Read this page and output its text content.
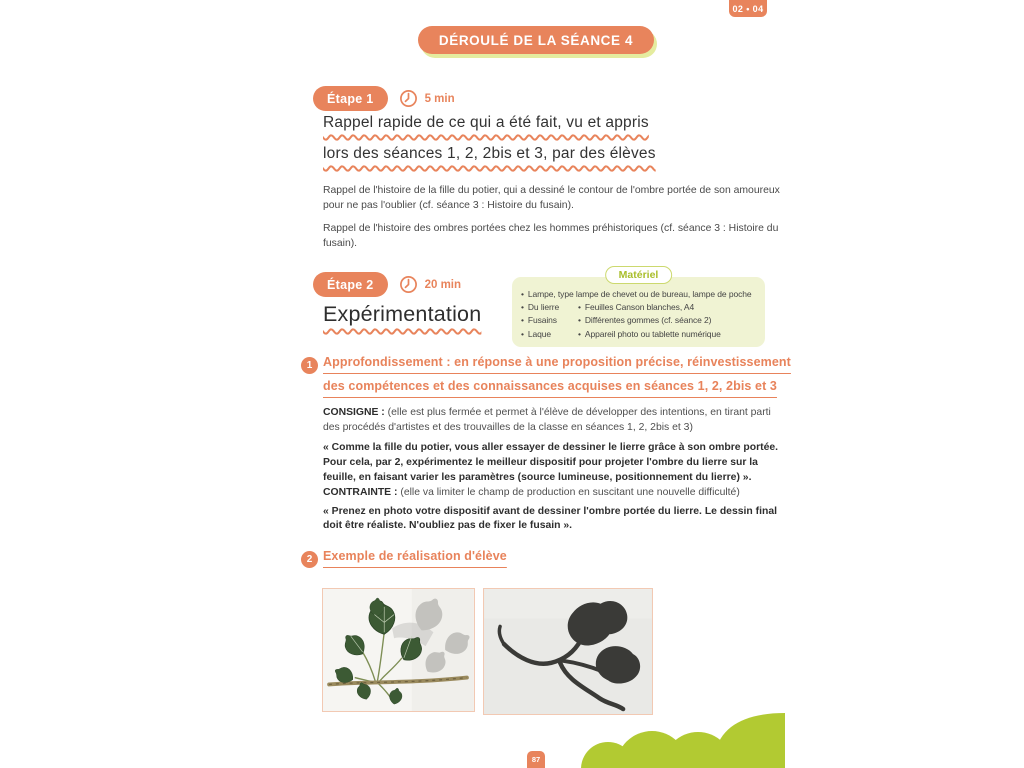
02 • 04
DÉROULÉ DE LA SÉANCE 4
Étape 1	5 min
Rappel rapide de ce qui a été fait, vu et appris
lors des séances 1, 2, 2bis et 3, par des élèves

Rappel de l'histoire de la fille du potier, qui a dessiné le contour de l'ombre portée de son amoureux pour ne pas l'oublier (cf. séance 3 : Histoire du fusain).

Rappel de l'histoire des ombres portées chez les hommes préhistoriques (cf. séance 3 : Histoire du fusain).

Étape 2	20 min
Expérimentation
Matériel
• Lampe, type lampe de chevet ou de bureau, lampe de poche
• Du lierre	• Feuilles Canson blanches, A4
• Fusains	• Différentes gommes (cf. séance 2)
• Laque	• Appareil photo ou tablette numérique
1 Approfondissement : en réponse à une proposition précise, réinvestissement
des compétences et des connaissances acquises en séances 1, 2, 2bis et 3

CONSIGNE : (elle est plus fermée et permet à l'élève de développer des intentions, en tirant parti des procédés d'artistes et des trouvailles de la classe en séances 1, 2, 2bis et 3)

« Comme la fille du potier, vous aller essayer de dessiner le lierre grâce à son ombre portée. Pour cela, par 2, expérimentez le meilleur dispositif pour projeter l'ombre du lierre sur la feuille, en faisant varier les paramètres (source lumineuse, positionnement du lierre) ».

CONTRAINTE : (elle va limiter le champ de production en suscitant une nouvelle difficulté)

« Prenez en photo votre dispositif avant de dessiner l'ombre portée du lierre. Le dessin final doit être réaliste. N'oubliez pas de fixer le fusain ».

2 Exemple de réalisation d'élève
87
